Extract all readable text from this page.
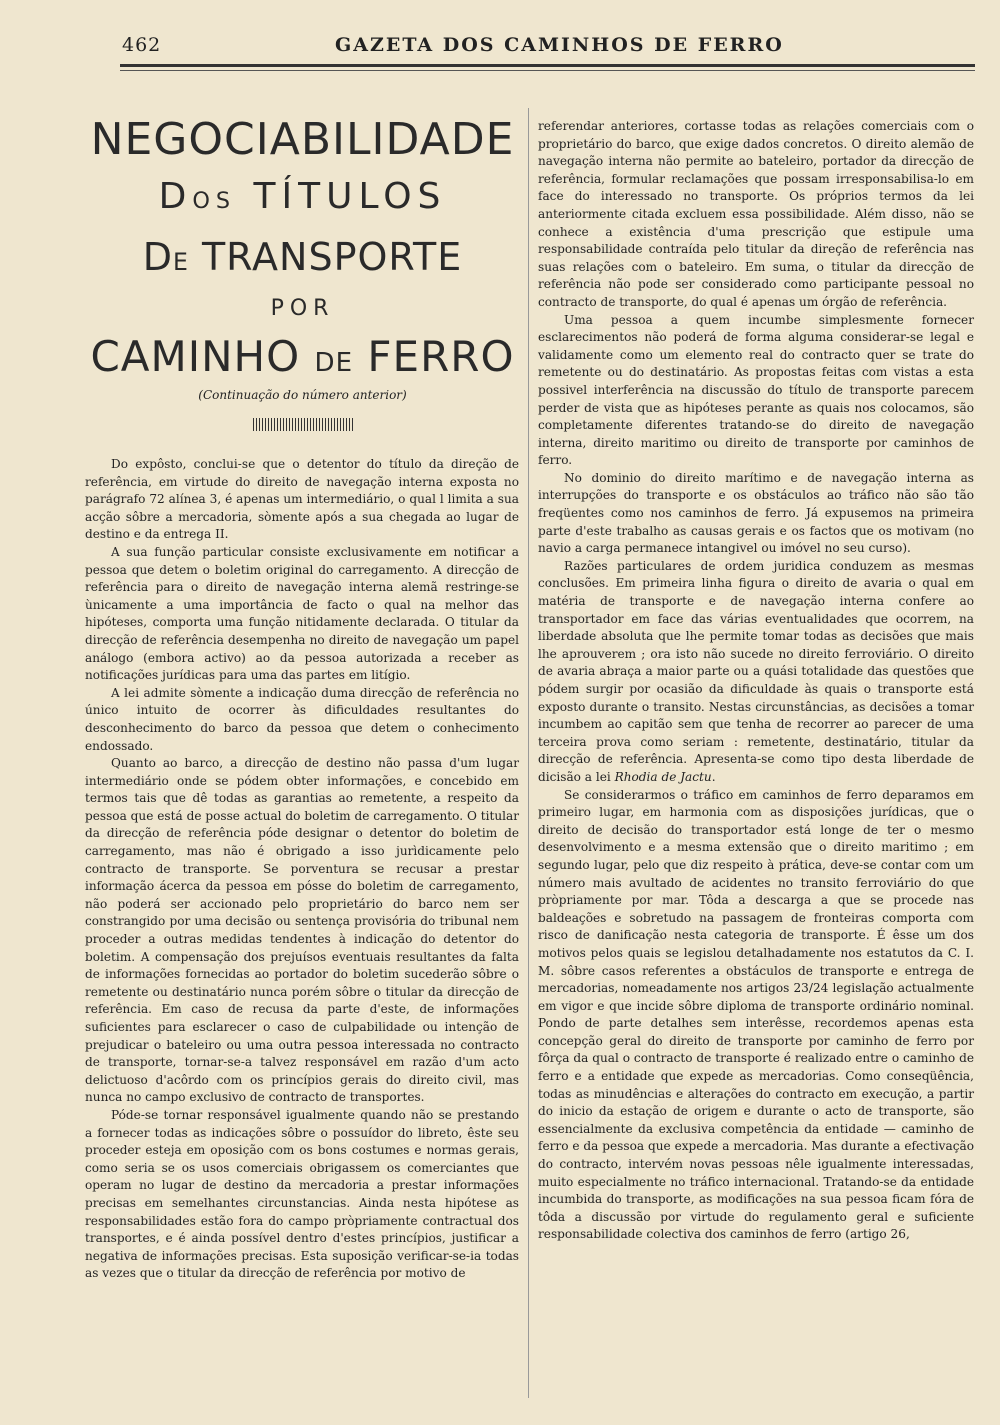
462	GAZETA DOS CAMINHOS DE FERRO
NEGOCIABILIDADE
DOS TÍTULOS
DE TRANSPORTE
POR
CAMINHO DE FERRO
(Continuação do número anterior)

Do expôsto, conclui-se que o detentor do título da direção de referência, em virtude do direito de navegação interna exposta no parágrafo 72 alínea 3, é apenas um intermediário, o qual l limita a sua acção sôbre a mercadoria, sòmente após a sua chegada ao lugar de destino e da entrega II.

A sua função particular consiste exclusivamente em notificar a pessoa que detem o boletim original do carregamento. A direcção de referência para o direito de navegação interna alemã restringe-se ùnicamente a uma importância de facto o qual na melhor das hipóteses, comporta uma função nitidamente declarada. O titular da direcção de referência desempenha no direito de navegação um papel análogo (embora activo) ao da pessoa autorizada a receber as notificações jurídicas para uma das partes em litígio.

A lei admite sòmente a indicação duma direcção de referência no único intuito de ocorrer às dificuldades resultantes do desconhecimento do barco da pessoa que detem o conhecimento endossado.

Quanto ao barco, a direcção de destino não passa d'um lugar intermediário onde se pódem obter informações, e concebido em termos tais que dê todas as garantias ao remetente, a respeito da pessoa que está de posse actual do boletim de carregamento. O titular da direcção de referência póde designar o detentor do boletim de carregamento, mas não é obrigado a isso jurìdicamente pelo contracto de transporte. Se porventura se recusar a prestar informação ácerca da pessoa em pósse do boletim de carregamento, não poderá ser accionado pelo proprietário do barco nem ser constrangido por uma decisão ou sentença provisória do tribunal nem proceder a outras medidas tendentes à indicação do detentor do boletim. A compensação dos prejuísos eventuais resultantes da falta de informações fornecidas ao portador do boletim sucederão sôbre o remetente ou destinatário nunca porém sôbre o titular da direcção de referência. Em caso de recusa da parte d'este, de informações suficientes para esclarecer o caso de culpabilidade ou intenção de prejudicar o bateleiro ou uma outra pessoa interessada no contracto de transporte, tornar-se-a talvez responsável em razão d'um acto delictuoso d'acôrdo com os princípios gerais do direito civil, mas nunca no campo exclusivo de contracto de transportes.

Póde-se tornar responsável igualmente quando não se prestando a fornecer todas as indicações sôbre o possuídor do libreto, êste seu proceder esteja em oposição com os bons costumes e normas gerais, como seria se os usos comerciais obrigassem os comerciantes que operam no lugar de destino da mercadoria a prestar informações precisas em semelhantes circunstancias. Ainda nesta hipótese as responsabilidades estão fora do campo pròpriamente contractual dos transportes, e é ainda possível dentro d'estes princípios, justificar a negativa de informações precisas. Esta suposição verificar-se-ia todas as vezes que o titular da direcção de referência por motivo de

referendar anteriores, cortasse todas as relações comerciais com o proprietário do barco, que exige dados concretos. O direito alemão de navegação interna não permite ao bateleiro, portador da direcção de referência, formular reclamações que possam irresponsabilisa-lo em face do interessado no transporte. Os próprios termos da lei anteriormente citada excluem essa possibilidade. Além disso, não se conhece a existência d'uma prescrição que estipule uma responsabilidade contraída pelo titular da direção de referência nas suas relações com o bateleiro. Em suma, o titular da direcção de referência não pode ser considerado como participante pessoal no contracto de transporte, do qual é apenas um órgão de referência.

Uma pessoa a quem incumbe simplesmente fornecer esclarecimentos não poderá de forma alguma considerar-se legal e validamente como um elemento real do contracto quer se trate do remetente ou do destinatário. As propostas feitas com vistas a esta possivel interferência na discussão do título de transporte parecem perder de vista que as hipóteses perante as quais nos colocamos, são completamente diferentes tratando-se do direito de navegação interna, direito maritimo ou direito de transporte por caminhos de ferro.

No dominio do direito marítimo e de navegação interna as interrupções do transporte e os obstáculos ao tráfico não são tão freqüentes como nos caminhos de ferro. Já expusemos na primeira parte d'este trabalho as causas gerais e os factos que os motivam (no navio a carga permanece intangivel ou imóvel no seu curso).

Razões particulares de ordem juridica conduzem as mesmas conclusões. Em primeira linha figura o direito de avaria o qual em matéria de transporte e de navegação interna confere ao transportador em face das várias eventualidades que ocorrem, na liberdade absoluta que lhe permite tomar todas as decisões que mais lhe aprouverem ; ora isto não sucede no direito ferroviário. O direito de avaria abraça a maior parte ou a quási totalidade das questões que pódem surgir por ocasião da dificuldade às quais o transporte está exposto durante o transito. Nestas circunstâncias, as decisões a tomar incumbem ao capitão sem que tenha de recorrer ao parecer de uma terceira prova como seriam : remetente, destinatário, titular da direcção de referência. Apresenta-se como tipo desta liberdade de dicisão a lei Rhodia de Jactu.

Se considerarmos o tráfico em caminhos de ferro deparamos em primeiro lugar, em harmonia com as disposições jurídicas, que o direito de decisão do transportador está longe de ter o mesmo desenvolvimento e a mesma extensão que o direito maritimo ; em segundo lugar, pelo que diz respeito à prática, deve-se contar com um número mais avultado de acidentes no transito ferroviário do que pròpriamente por mar. Tôda a descarga a que se procede nas baldeações e sobretudo na passagem de fronteiras comporta com risco de danificação nesta categoria de transporte. É êsse um dos motivos pelos quais se legislou detalhadamente nos estatutos da C. I. M. sôbre casos referentes a obstáculos de transporte e entrega de mercadorias, nomeadamente nos artigos 23/24 legislação actualmente em vigor e que incide sôbre diploma de transporte ordinário nominal. Pondo de parte detalhes sem interêsse, recordemos apenas esta concepção geral do direito de transporte por caminho de ferro por fôrça da qual o contracto de transporte é realizado entre o caminho de ferro e a entidade que expede as mercadorias. Como conseqüência, todas as minudências e alterações do contracto em execução, a partir do inicio da estação de origem e durante o acto de transporte, são essencialmente da exclusiva competência da entidade — caminho de ferro e da pessoa que expede a mercadoria. Mas durante a efectivação do contracto, intervém novas pessoas nêle igualmente interessadas, muito especialmente no tráfico internacional. Tratando-se da entidade incumbida do transporte, as modificações na sua pessoa ficam fóra de tôda a discussão por virtude do regulamento geral e suficiente responsabilidade colectiva dos caminhos de ferro (artigo 26,
